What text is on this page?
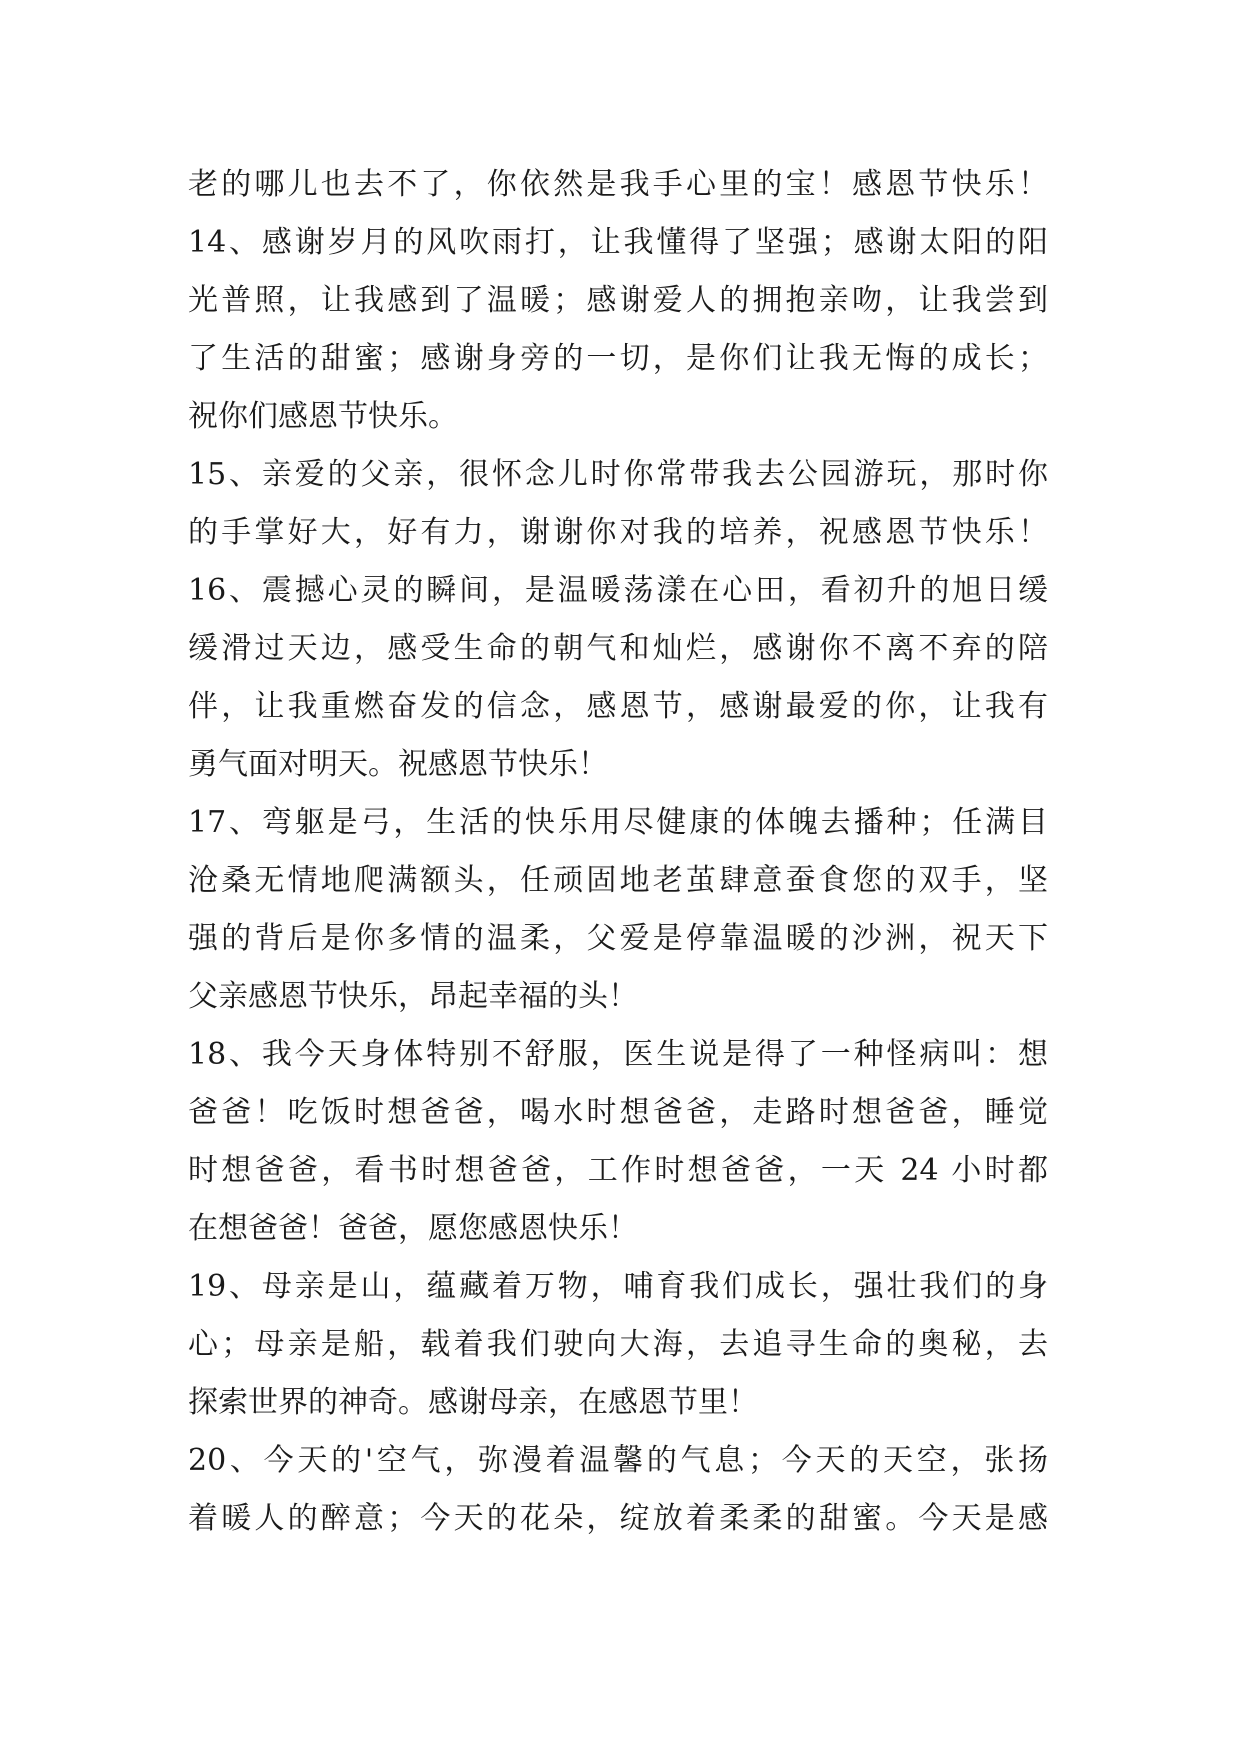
老的哪儿也去不了，你依然是我手心里的宝！感恩节快乐！
14、感谢岁月的风吹雨打，让我懂得了坚强；感谢太阳的阳
光普照，让我感到了温暖；感谢爱人的拥抱亲吻，让我尝到
了生活的甜蜜；感谢身旁的一切，是你们让我无悔的成长；
祝你们感恩节快乐。
15、亲爱的父亲，很怀念儿时你常带我去公园游玩，那时你
的手掌好大，好有力，谢谢你对我的培养，祝感恩节快乐！
16、震撼心灵的瞬间，是温暖荡漾在心田，看初升的旭日缓
缓滑过天边，感受生命的朝气和灿烂，感谢你不离不弃的陪
伴，让我重燃奋发的信念，感恩节，感谢最爱的你，让我有
勇气面对明天。祝感恩节快乐！
17、弯躯是弓，生活的快乐用尽健康的体魄去播种；任满目
沧桑无情地爬满额头，任顽固地老茧肆意蚕食您的双手，坚
强的背后是你多情的温柔，父爱是停靠温暖的沙洲，祝天下
父亲感恩节快乐，昂起幸福的头！
18、我今天身体特别不舒服，医生说是得了一种怪病叫：想
爸爸！吃饭时想爸爸，喝水时想爸爸，走路时想爸爸，睡觉
时想爸爸，看书时想爸爸，工作时想爸爸，一天 24 小时都
在想爸爸！爸爸，愿您感恩快乐！
19、母亲是山，蕴藏着万物，哺育我们成长，强壮我们的身
心；母亲是船，载着我们驶向大海，去追寻生命的奥秘，去
探索世界的神奇。感谢母亲，在感恩节里！
20、今天的'空气，弥漫着温馨的气息；今天的天空，张扬
着暖人的醉意；今天的花朵，绽放着柔柔的甜蜜。今天是感
